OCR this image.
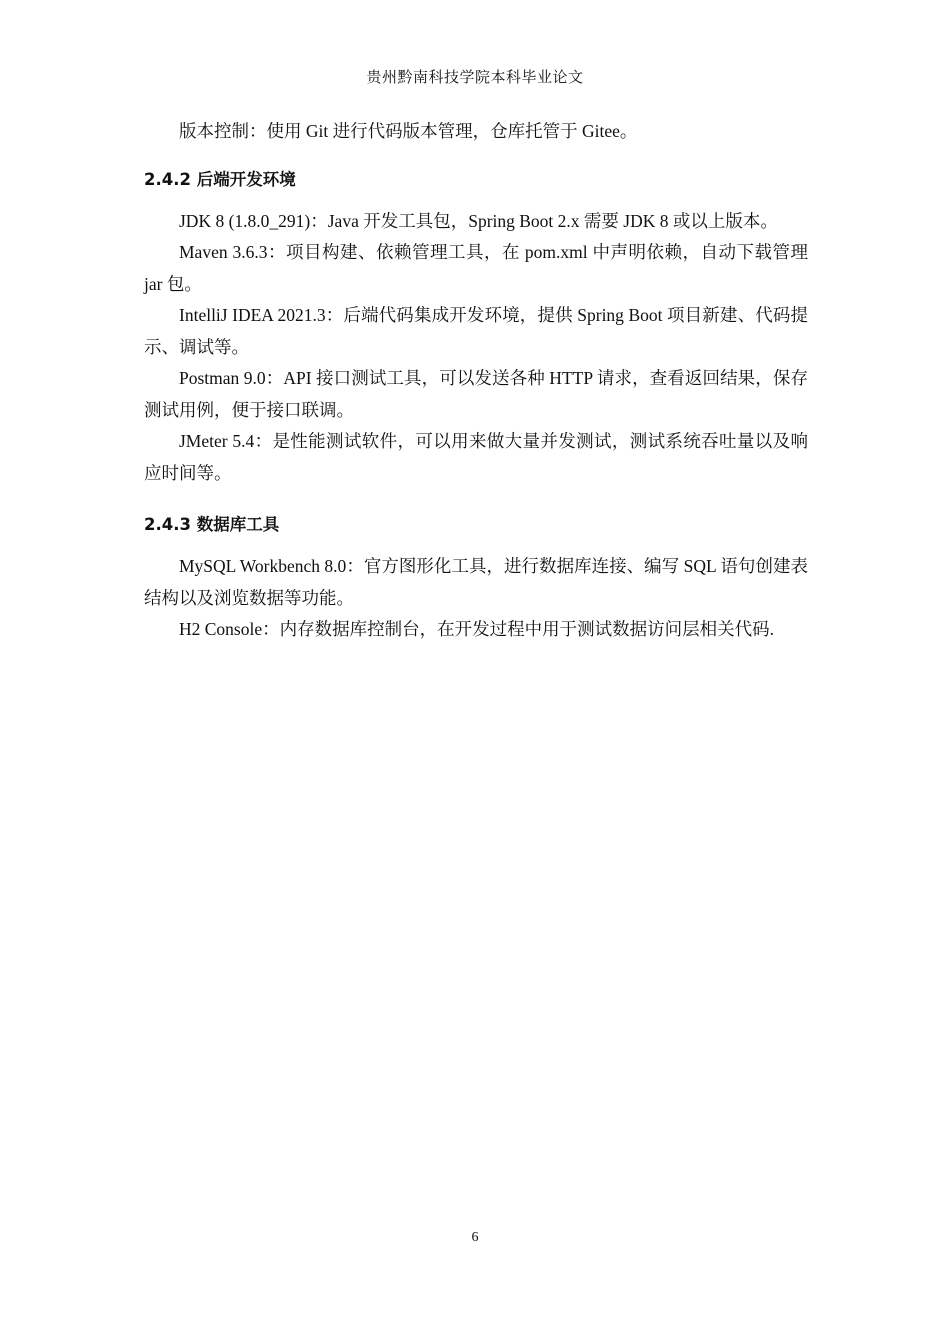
贵州黔南科技学院本科毕业论文

版本控制：使用 Git 进行代码版本管理，仓库托管于 Gitee。

2.4.2 后端开发环境

JDK 8 (1.8.0_291)：Java 开发工具包，Spring Boot 2.x 需要 JDK 8 或以上版本。

Maven 3.6.3：项目构建、依赖管理工具，在 pom.xml 中声明依赖，自动下载管理 jar 包。

IntelliJ IDEA 2021.3：后端代码集成开发环境，提供 Spring Boot 项目新建、代码提示、调试等。

Postman 9.0：API 接口测试工具，可以发送各种 HTTP 请求，查看返回结果，保存测试用例，便于接口联调。

JMeter 5.4：是性能测试软件，可以用来做大量并发测试，测试系统吞吐量以及响应时间等。

2.4.3 数据库工具

MySQL Workbench 8.0：官方图形化工具，进行数据库连接、编写 SQL 语句创建表结构以及浏览数据等功能。

H2 Console：内存数据库控制台，在开发过程中用于测试数据访问层相关代码.

6
